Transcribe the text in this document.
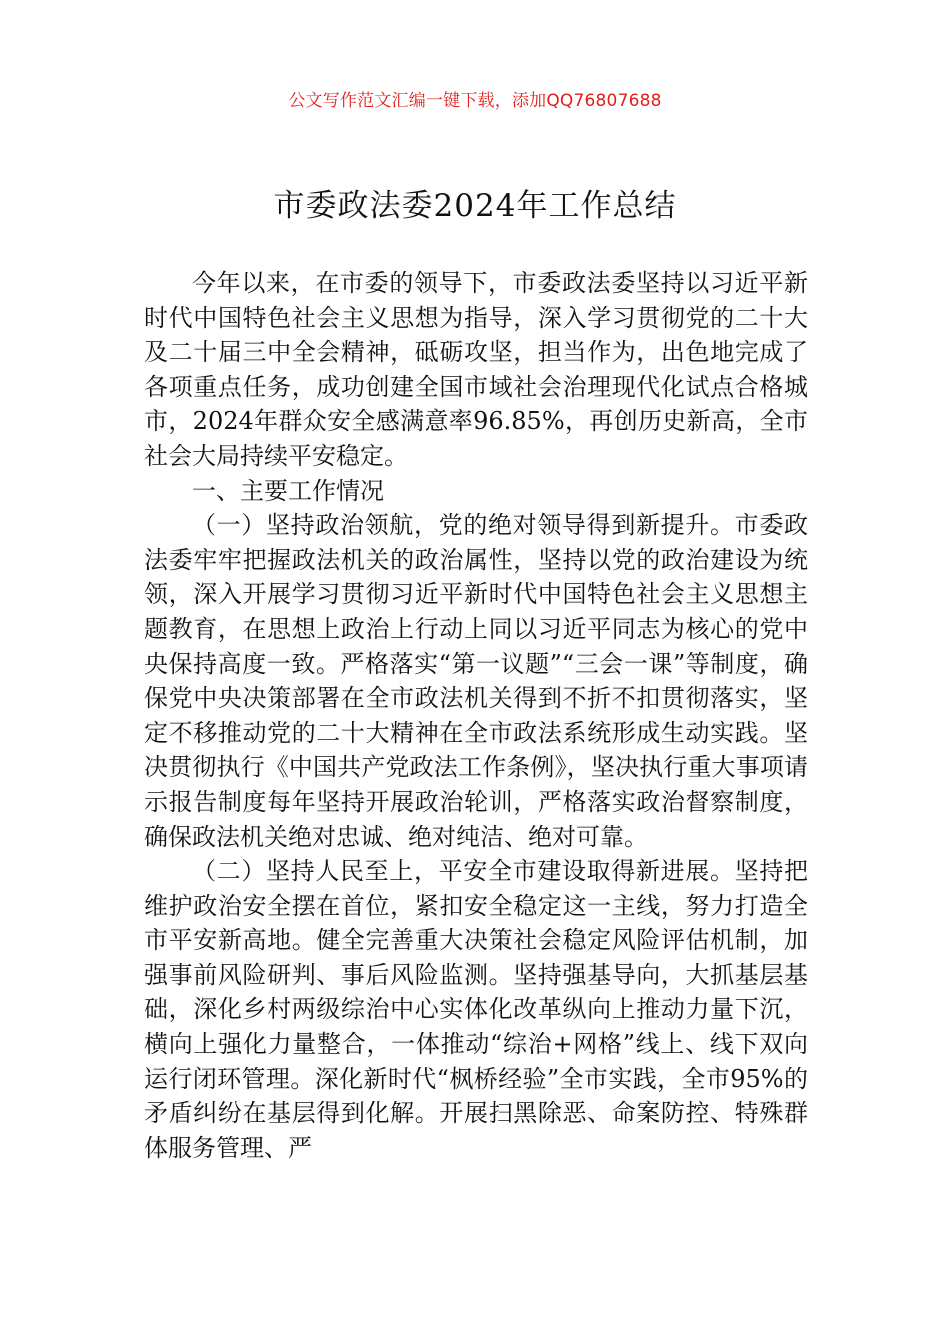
公文写作范文汇编一键下载，添加QQ76807688
市委政法委2024年工作总结

今年以来，在市委的领导下，市委政法委坚持以习近平新时代中国特色社会主义思想为指导，深入学习贯彻党的二十大及二十届三中全会精神，砥砺攻坚，担当作为，出色地完成了各项重点任务，成功创建全国市域社会治理现代化试点合格城市，2024年群众安全感满意率96.85%，再创历史新高，全市社会大局持续平安稳定。

一、主要工作情况

（一）坚持政治领航，党的绝对领导得到新提升。市委政法委牢牢把握政法机关的政治属性，坚持以党的政治建设为统领，深入开展学习贯彻习近平新时代中国特色社会主义思想主题教育，在思想上政治上行动上同以习近平同志为核心的党中央保持高度一致。严格落实“第一议题”“三会一课”等制度，确保党中央决策部署在全市政法机关得到不折不扣贯彻落实，坚定不移推动党的二十大精神在全市政法系统形成生动实践。坚决贯彻执行《中国共产党政法工作条例》，坚决执行重大事项请示报告制度每年坚持开展政治轮训，严格落实政治督察制度，确保政法机关绝对忠诚、绝对纯洁、绝对可靠。

（二）坚持人民至上，平安全市建设取得新进展。坚持把维护政治安全摆在首位，紧扣安全稳定这一主线，努力打造全市平安新高地。健全完善重大决策社会稳定风险评估机制，加强事前风险研判、事后风险监测。坚持强基导向，大抓基层基础，深化乡村两级综治中心实体化改革纵向上推动力量下沉，横向上强化力量整合，一体推动“综治+网格”线上、线下双向运行闭环管理。深化新时代“枫桥经验”全市实践，全市95%的矛盾纠纷在基层得到化解。开展扫黑除恶、命案防控、特殊群体服务管理、严
